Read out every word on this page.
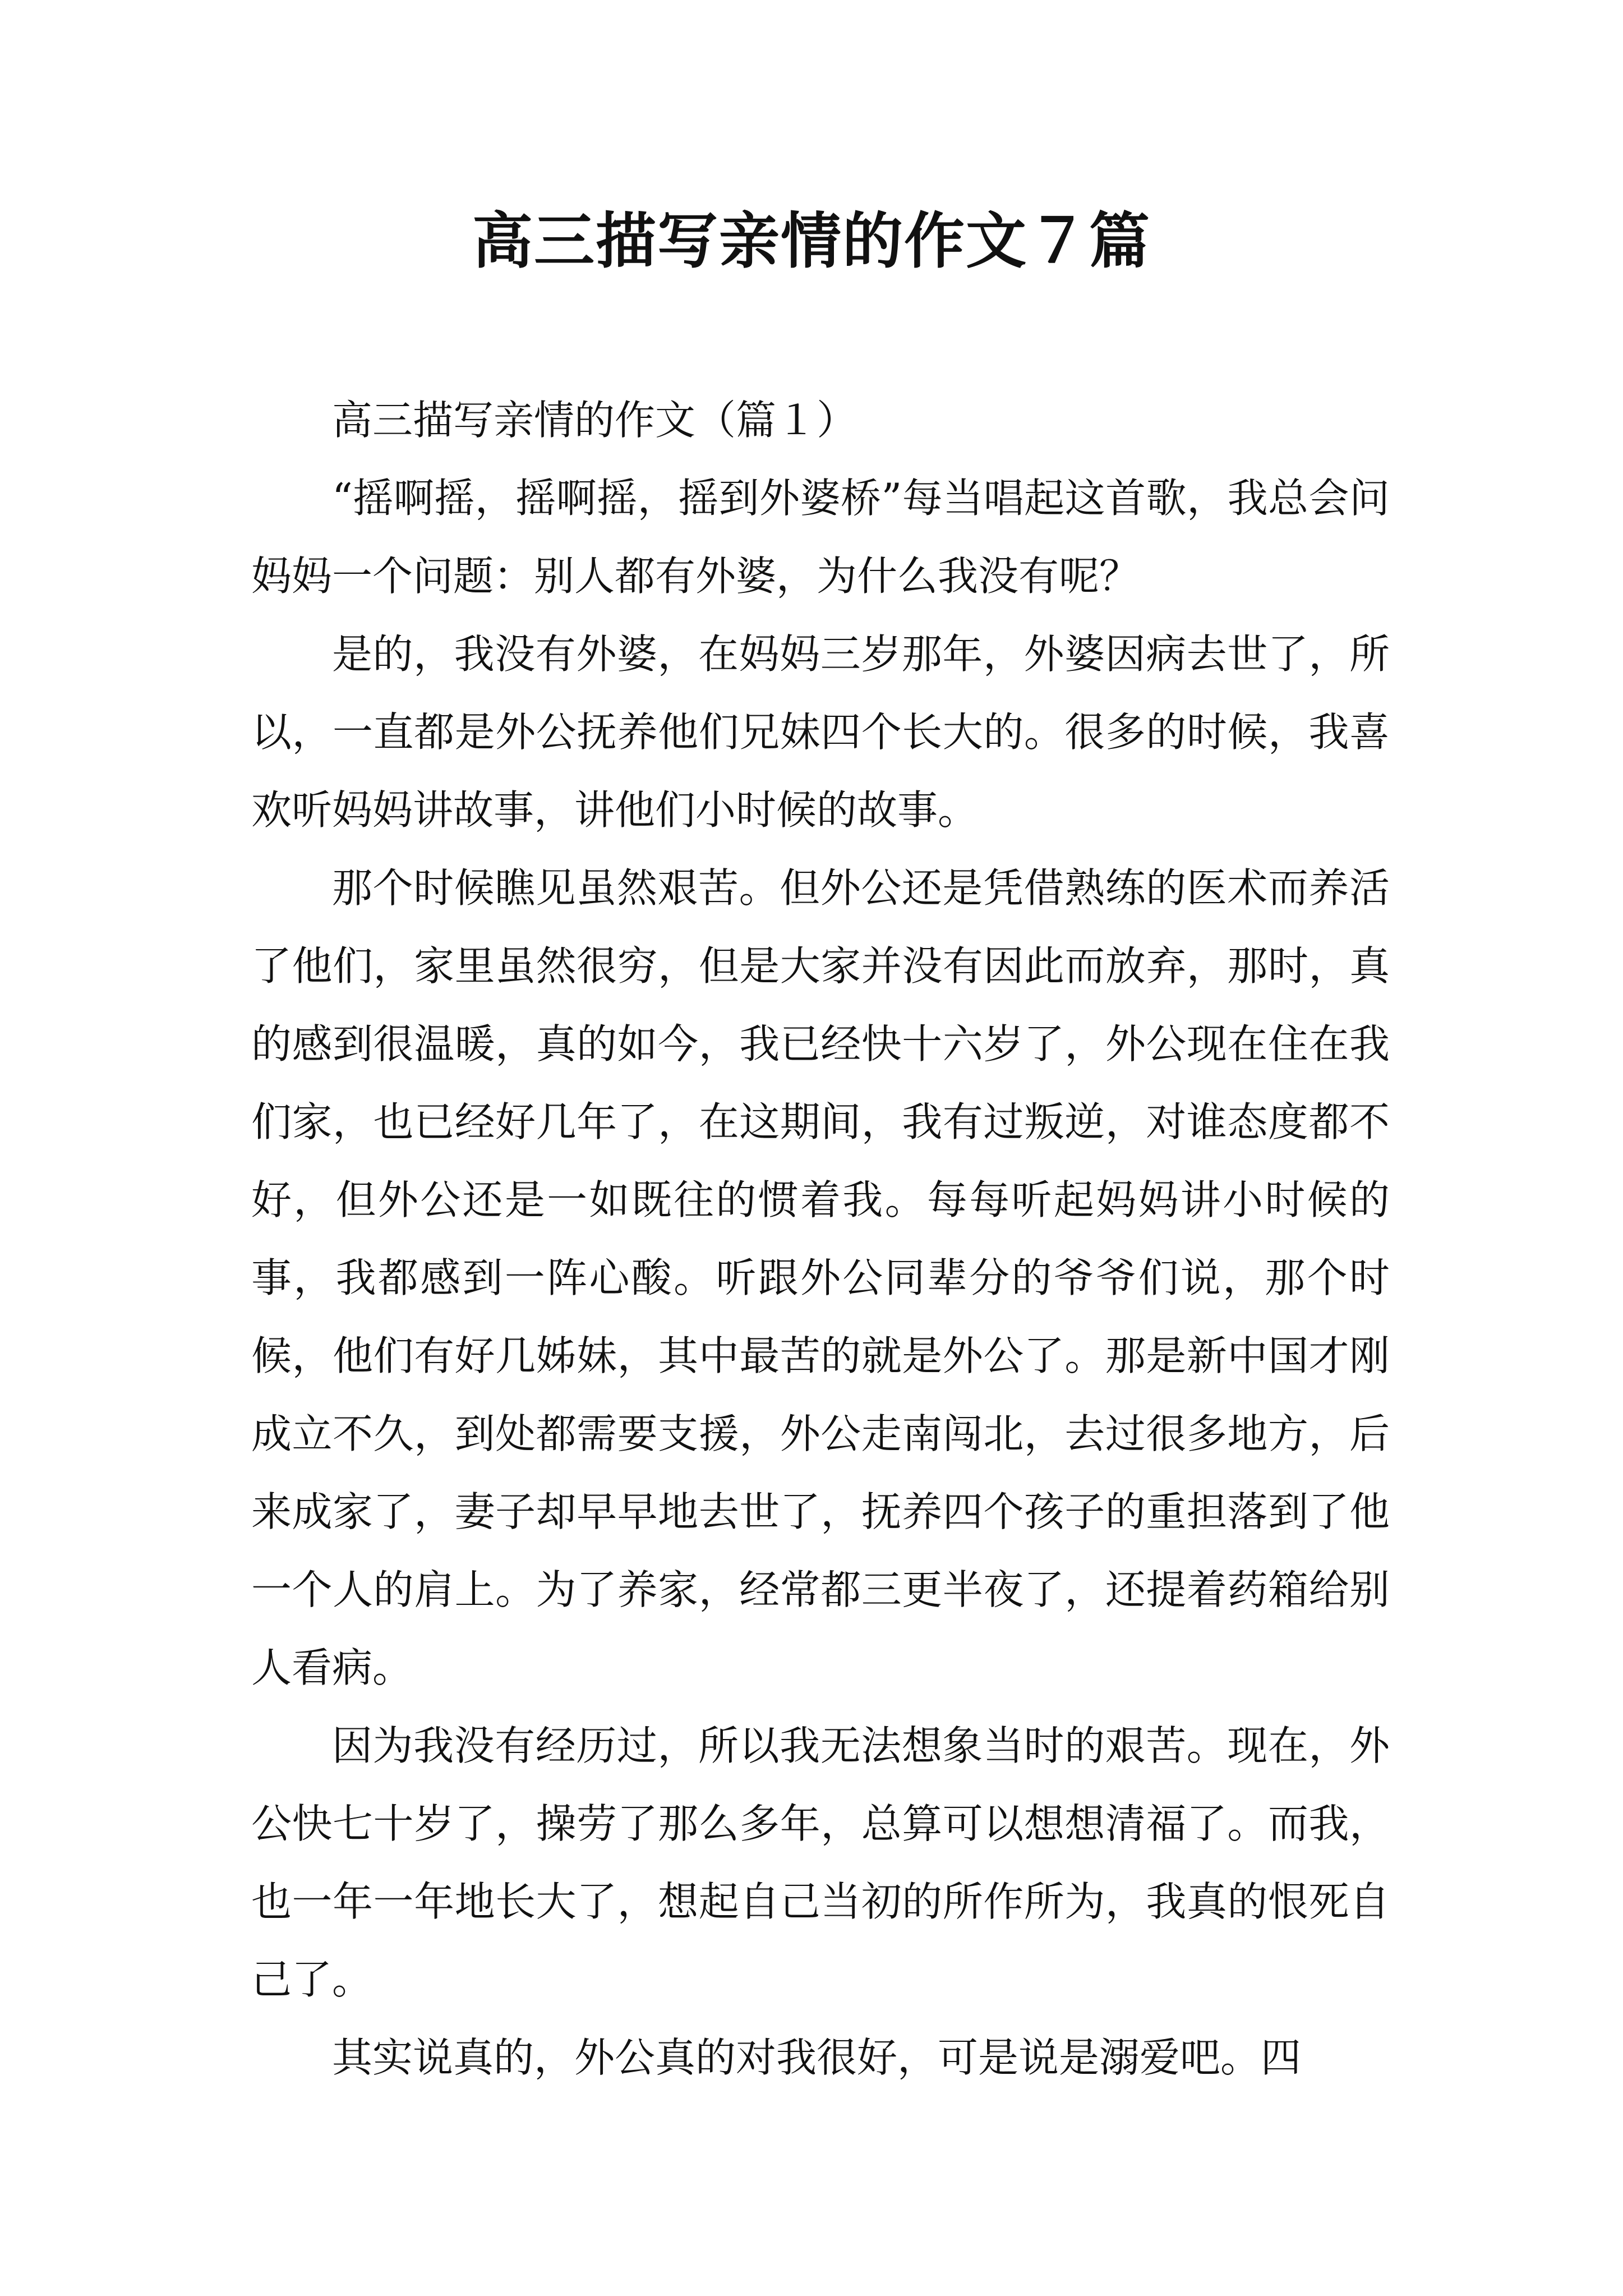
高三描写亲情的作文７篇

高三描写亲情的作文（篇１）

“摇啊摇，摇啊摇，摇到外婆桥”每当唱起这首歌，我总会问妈妈一个问题：别人都有外婆，为什么我没有呢？

是的，我没有外婆，在妈妈三岁那年，外婆因病去世了，所以，一直都是外公抚养他们兄妹四个长大的。很多的时候，我喜欢听妈妈讲故事，讲他们小时候的故事。

那个时候瞧见虽然艰苦。但外公还是凭借熟练的医术而养活了他们，家里虽然很穷，但是大家并没有因此而放弃，那时，真的感到很温暖，真的如今，我已经快十六岁了，外公现在住在我们家，也已经好几年了，在这期间，我有过叛逆，对谁态度都不好，但外公还是一如既往的惯着我。每每听起妈妈讲小时候的事，我都感到一阵心酸。听跟外公同辈分的爷爷们说，那个时候，他们有好几姊妹，其中最苦的就是外公了。那是新中国才刚成立不久，到处都需要支援，外公走南闯北，去过很多地方，后来成家了，妻子却早早地去世了，抚养四个孩子的重担落到了他一个人的肩上。为了养家，经常都三更半夜了，还提着药箱给别人看病。

因为我没有经历过，所以我无法想象当时的艰苦。现在，外公快七十岁了，操劳了那么多年，总算可以想想清福了。而我，也一年一年地长大了，想起自己当初的所作所为，我真的恨死自己了。

其实说真的，外公真的对我很好，可是说是溺爱吧。四
